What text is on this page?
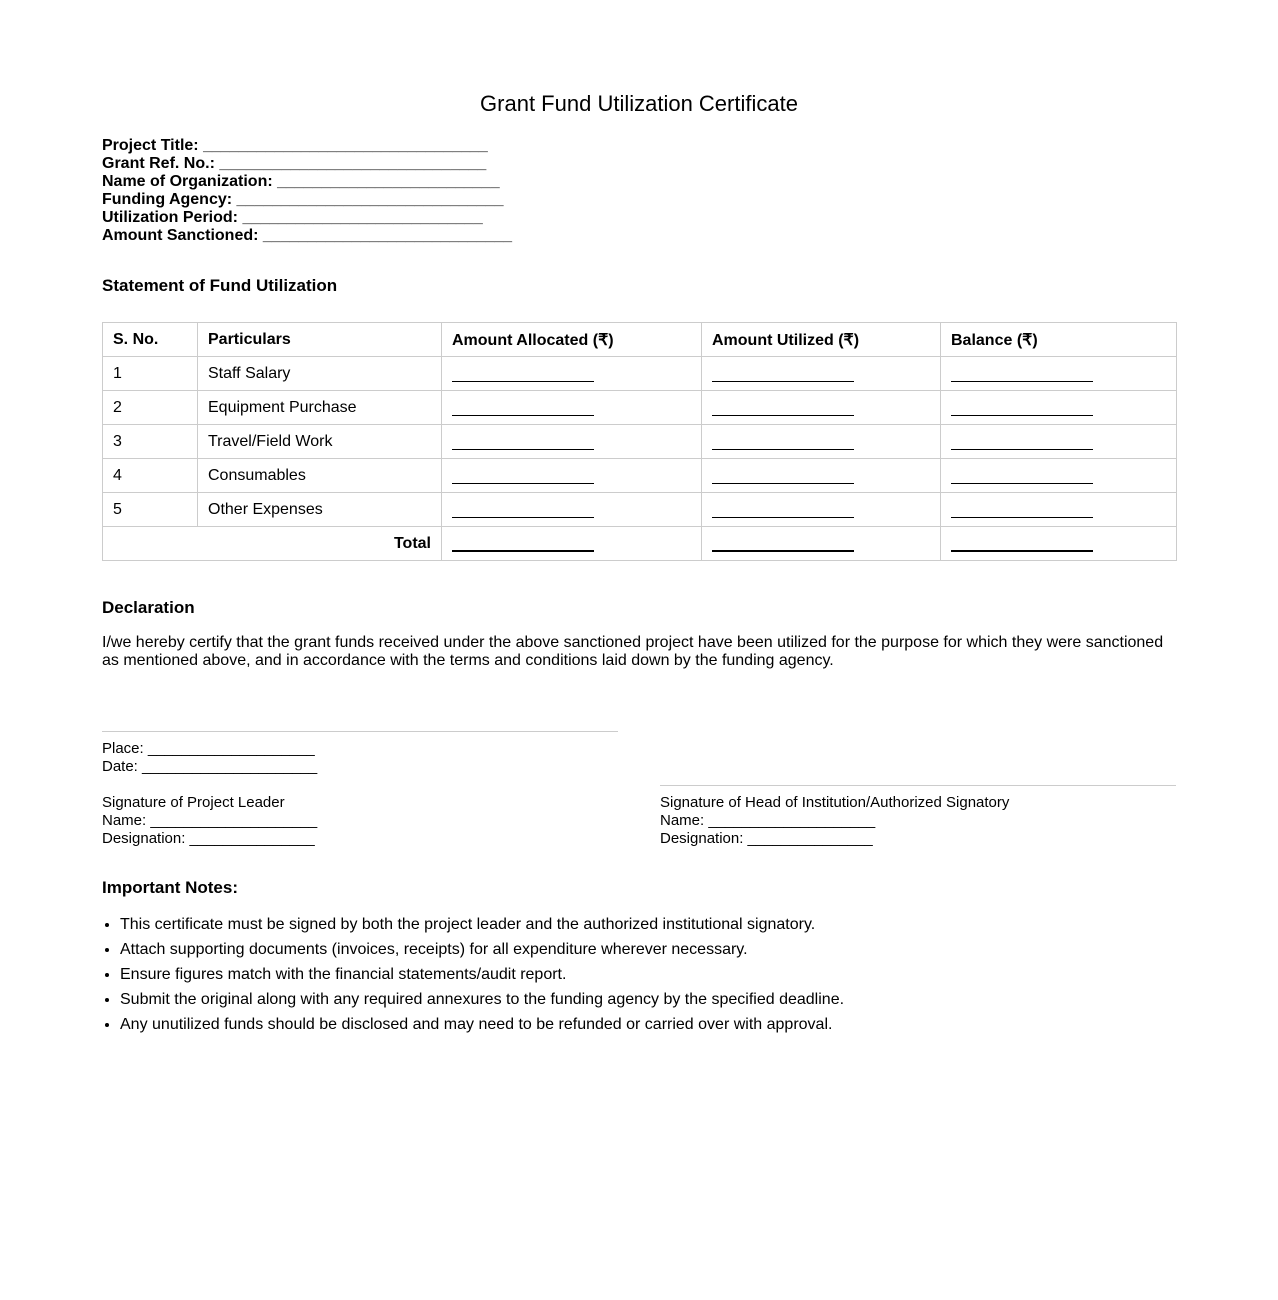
Grant Fund Utilization Certificate
Project Title: ________________________________
Grant Ref. No.: ______________________________
Name of Organization: _________________________
Funding Agency: ______________________________
Utilization Period: ___________________________
Amount Sanctioned: ____________________________
Statement of Fund Utilization
S. No.	Particulars	Amount Allocated (₹)	Amount Utilized (₹)	Balance (₹)
1	Staff Salary			
2	Equipment Purchase			
3	Travel/Field Work			
4	Consumables			
5	Other Expenses			
Total				
Declaration
I/we hereby certify that the grant funds received under the above sanctioned project have been utilized for the purpose for which they were sanctioned as mentioned above, and in accordance with the terms and conditions laid down by the funding agency.
Place: ____________________
Date: _____________________
Signature of Project Leader
Name: ____________________
Designation: _______________
Signature of Head of Institution/Authorized Signatory
Name: ____________________
Designation: _______________
Important Notes:
• This certificate must be signed by both the project leader and the authorized institutional signatory.
• Attach supporting documents (invoices, receipts) for all expenditure wherever necessary.
• Ensure figures match with the financial statements/audit report.
• Submit the original along with any required annexures to the funding agency by the specified deadline.
• Any unutilized funds should be disclosed and may need to be refunded or carried over with approval.
